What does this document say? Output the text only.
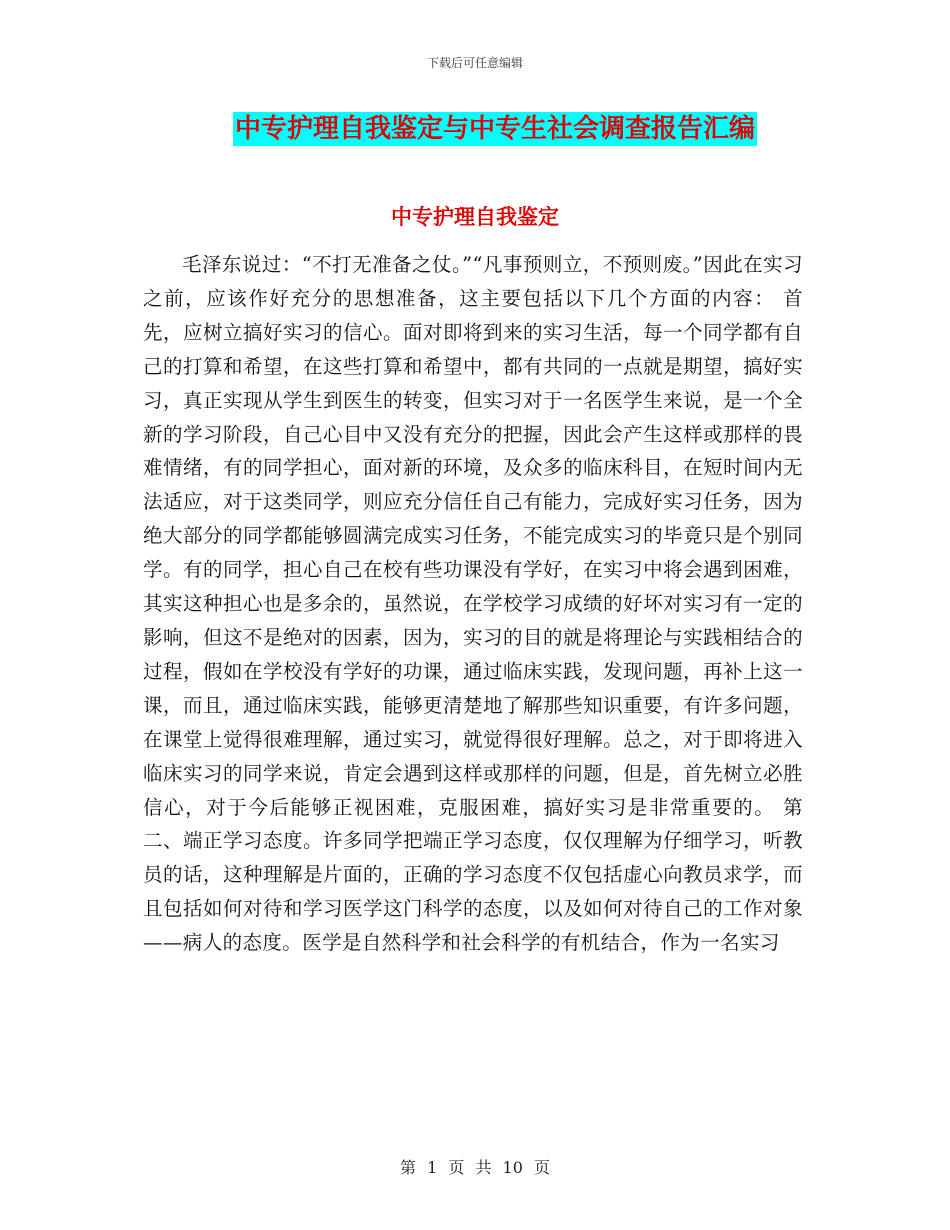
下载后可任意编辑
中专护理自我鉴定与中专生社会调查报告汇编
中专护理自我鉴定

毛泽东说过：“不打无准备之仗。”“凡事预则立，不预则废。”因此在实习之前，应该作好充分的思想准备，这主要包括以下几个方面的内容： 首先，应树立搞好实习的信心。面对即将到来的实习生活，每一个同学都有自己的打算和希望，在这些打算和希望中，都有共同的一点就是期望，搞好实习，真正实现从学生到医生的转变，但实习对于一名医学生来说，是一个全新的学习阶段，自己心目中又没有充分的把握，因此会产生这样或那样的畏难情绪，有的同学担心，面对新的环境，及众多的临床科目，在短时间内无法适应，对于这类同学，则应充分信任自己有能力，完成好实习任务，因为绝大部分的同学都能够圆满完成实习任务，不能完成实习的毕竟只是个别同学。有的同学，担心自己在校有些功课没有学好，在实习中将会遇到困难，其实这种担心也是多余的，虽然说，在学校学习成绩的好坏对实习有一定的影响，但这不是绝对的因素，因为，实习的目的就是将理论与实践相结合的过程，假如在学校没有学好的功课，通过临床实践，发现问题，再补上这一课，而且，通过临床实践，能够更清楚地了解那些知识重要，有许多问题，在课堂上觉得很难理解，通过实习，就觉得很好理解。总之，对于即将进入临床实习的同学来说，肯定会遇到这样或那样的问题，但是，首先树立必胜信心，对于今后能够正视困难，克服困难，搞好实习是非常重要的。 第二、端正学习态度。许多同学把端正学习态度，仅仅理解为仔细学习，听教员的话，这种理解是片面的，正确的学习态度不仅包括虚心向教员求学，而且包括如何对待和学习医学这门科学的态度，以及如何对待自己的工作对象——病人的态度。医学是自然科学和社会科学的有机结合，作为一名实习

第 1 页 共 10 页
